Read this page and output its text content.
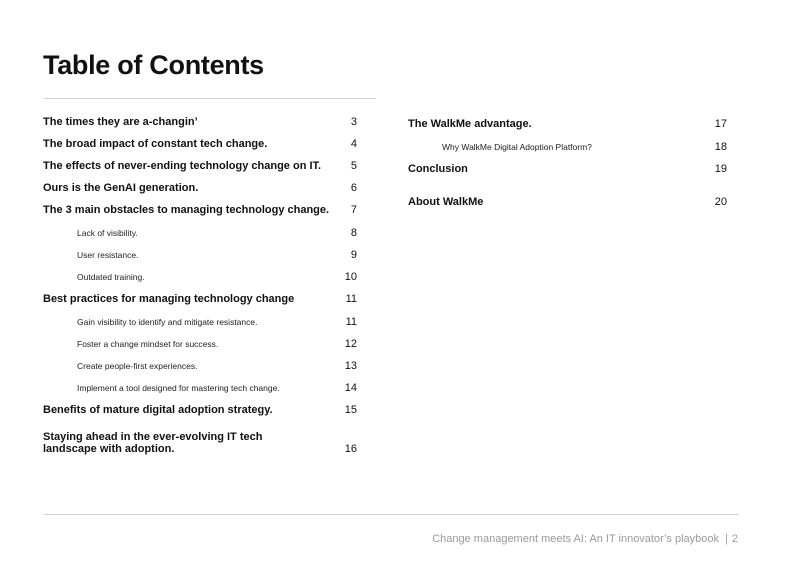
Table of Contents
The times they are a-changin’	3
The broad impact of constant tech change.	4
The effects of never-ending technology change on IT.	5
Ours is the GenAI generation.	6
The 3 main obstacles to managing technology change. 7
Lack of visibility.	8
User resistance.	9
Outdated training.	10
Best practices for managing technology change	11
Gain visibility to identify and mitigate resistance.	11
Foster a change mindset for success.	12
Create people-first experiences.	13
Implement a tool designed for mastering tech change.	14
Benefits of mature digital adoption strategy.	15
Staying ahead in the ever-evolving IT tech landscape with adoption.	16
The WalkMe advantage.	17
Why WalkMe Digital Adoption Platform?	18
Conclusion	19
About WalkMe	20
Change management meets AI: An IT innovator’s playbook | 2
